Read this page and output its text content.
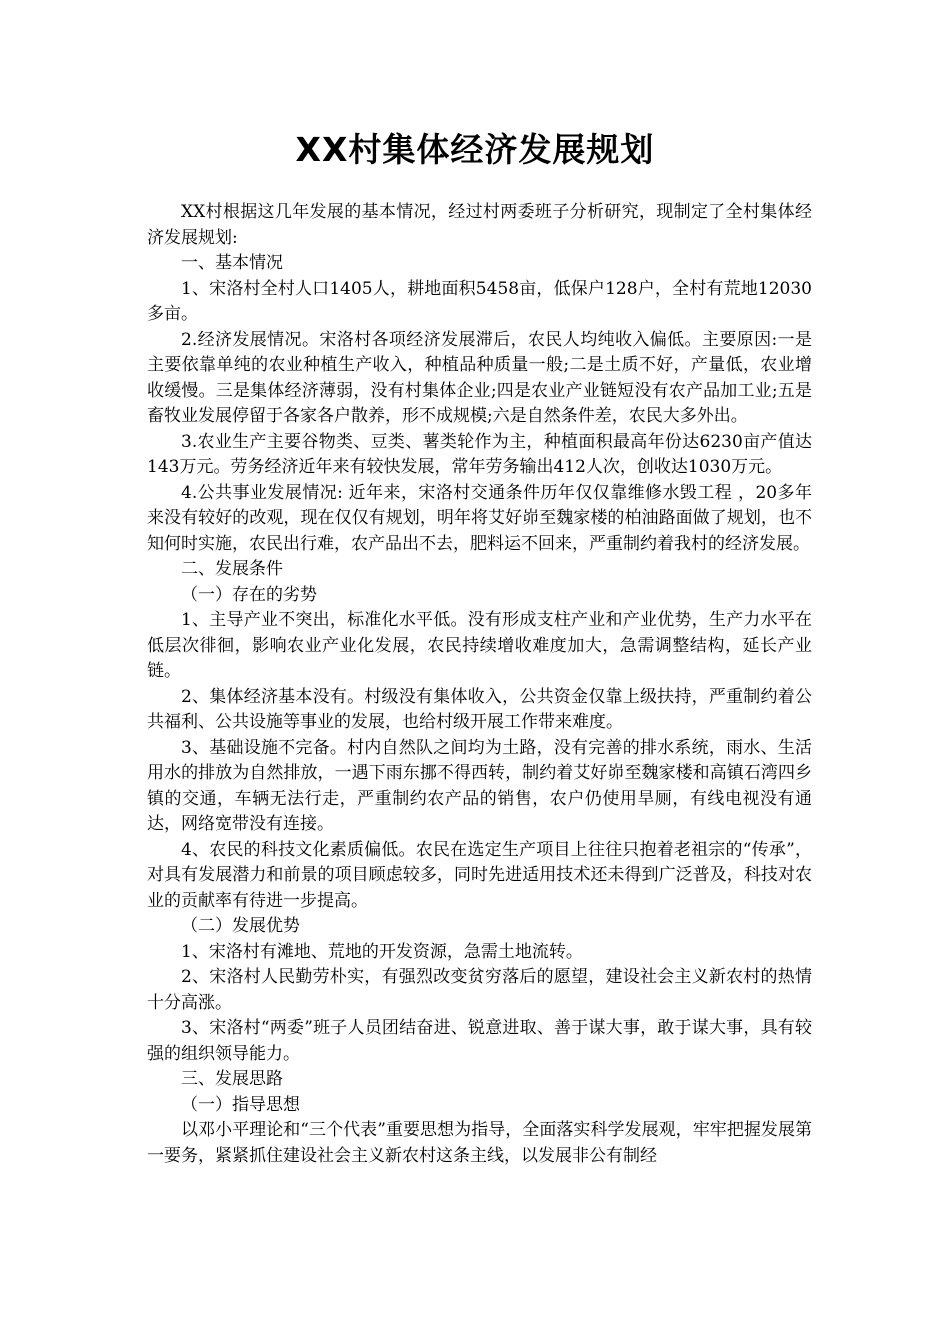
XX村集体经济发展规划

XX村根据这几年发展的基本情况，经过村两委班子分析研究，现制定了全村集体经济发展规划:

一、基本情况

1、宋洛村全村人口1405人，耕地面积5458亩，低保户128户，全村有荒地12030多亩。

2.经济发展情况。宋洛村各项经济发展滞后，农民人均纯收入偏低。主要原因:一是主要依靠单纯的农业种植生产收入，种植品种质量一般;二是土质不好，产量低，农业增收缓慢。三是集体经济薄弱，没有村集体企业;四是农业产业链短没有农产品加工业;五是畜牧业发展停留于各家各户散养，形不成规模;六是自然条件差，农民大多外出。

3.农业生产主要谷物类、豆类、薯类轮作为主，种植面积最高年份达6230亩产值达143万元。劳务经济近年来有较快发展，常年劳务输出412人次，创收达1030万元。

4.公共事业发展情况: 近年来，宋洛村交通条件历年仅仅靠维修水毁工程 ，20多年来没有较好的改观，现在仅仅有规划，明年将艾好峁至魏家楼的柏油路面做了规划，也不知何时实施，农民出行难，农产品出不去，肥料运不回来，严重制约着我村的经济发展。

二、发展条件

（一）存在的劣势

1、主导产业不突出，标准化水平低。没有形成支柱产业和产业优势，生产力水平在低层次徘徊，影响农业产业化发展，农民持续增收难度加大，急需调整结构，延长产业链。

2、集体经济基本没有。村级没有集体收入，公共资金仅靠上级扶持，严重制约着公共福利、公共设施等事业的发展，也给村级开展工作带来难度。

3、基础设施不完备。村内自然队之间均为土路，没有完善的排水系统，雨水、生活用水的排放为自然排放，一遇下雨东挪不得西转，制约着艾好峁至魏家楼和高镇石湾四乡镇的交通，车辆无法行走，严重制约农产品的销售，农户仍使用旱厕，有线电视没有通达，网络宽带没有连接。

4、农民的科技文化素质偏低。农民在选定生产项目上往往只抱着老祖宗的“传承”，对具有发展潜力和前景的项目顾虑较多，同时先进适用技术还未得到广泛普及，科技对农业的贡献率有待进一步提高。

（二）发展优势

1、宋洛村有滩地、荒地的开发资源，急需土地流转。

2、宋洛村人民勤劳朴实，有强烈改变贫穷落后的愿望，建设社会主义新农村的热情十分高涨。

3、宋洛村“两委”班子人员团结奋进、锐意进取、善于谋大事，敢于谋大事，具有较强的组织领导能力。

三、发展思路

（一）指导思想

以邓小平理论和“三个代表”重要思想为指导，全面落实科学发展观，牢牢把握发展第一要务，紧紧抓住建设社会主义新农村这条主线，以发展非公有制经
